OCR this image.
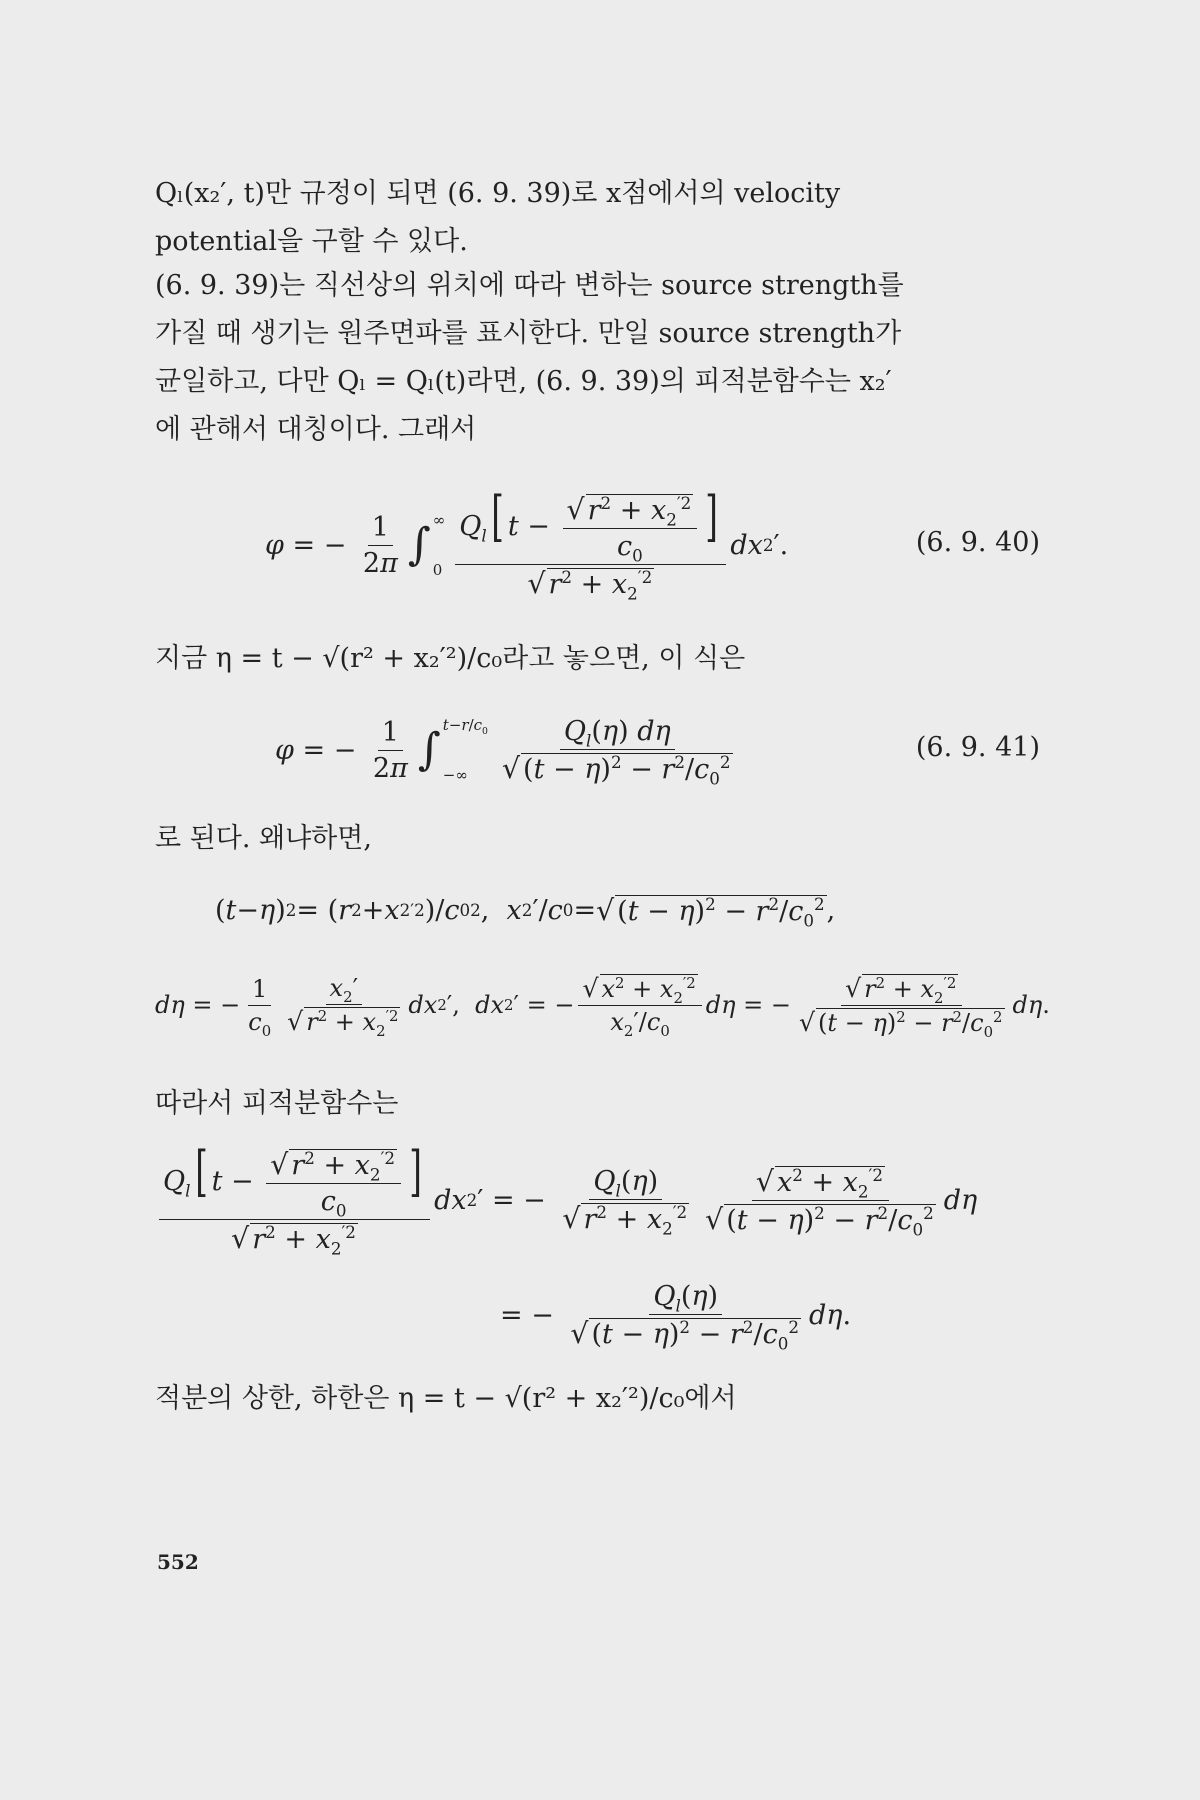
Qₗ(x₂′, t)만 규정이 되면 (6. 9. 39)로 x점에서의 velocity
potential을 구할 수 있다.
(6. 9. 39)는 직선상의 위치에 따라 변하는 source strength를
가질 때 생기는 원주면파를 표시한다. 만일 source strength가
균일하고, 다만 Qₗ = Qₗ(t)라면, (6. 9. 39)의 피적분함수는 x₂′
에 관해서 대칭이다. 그래서
φ = − $\frac{1}{2\pi}$ ∫ ∞
$0 \frac{Q_l[ t - \frac{√ r^2 + x_2^{'2}}{c_0} ]}{√ r^2 + x_2^{'2}}$ dx 2 ′.	(6. 9. 40)
지금 η = t − √(r² + x₂′²)/c₀라고 놓으면, 이 식은
φ = − $\frac{1}{2\pi}$ ∫ $t-r/c_0$
−∞	$\frac{Q_l(\eta) d\eta}{√ (t - \eta)^2 - r^2/c_0^2}$	(6. 9. 41)
로 된다. 왜냐하면,
( t − η ) 2 = ( r 2 + x 2 ′2 )/ c 0 2 , x 2 ′/ c 0 = √ $(t - \eta)^2 - r^2/c_0^2$ ,
dη = − $\frac{1}{c_0} \frac{x_2'}{√ r^2 + x_2^{'2}}$ dx 2 ′, dx 2 ′ = − $\frac{√ x^2 + x_2^{'2}}{x_2'/c_0}$ dη = − $\frac{√ r^2 + x_2^{'2}}{√ (t - \eta)^2 - r^2/c_0^2}$ dη .
따라서 피적분함수는
$\frac{Q_l[ t - \frac{√ r^2 + x_2^{'2}}{c_0} ]}{√ r^2 + x_2^{'2}}$ dx 2 ′ = − $\frac{Q_l(\eta)}{√ r^2 + x_2^{'2}} \frac{√ x^2 + x_2^{'2}}{√ (t - \eta)^2 - r^2/c_0^2}$ dη
= − $\frac{Q_l(\eta)}{√ (t - \eta)^2 - r^2/c_0^2}$ dη .
적분의 상한, 하한은 η = t − √(r² + x₂′²)/c₀에서
552
